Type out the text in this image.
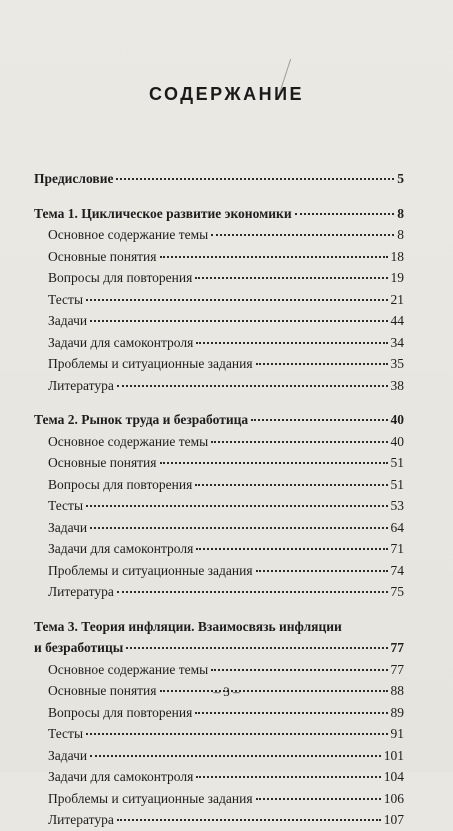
СОДЕРЖАНИЕ
Предисловие	5
Тема 1. Циклическое развитие экономики	8
Основное содержание темы	8
Основные понятия	18
Вопросы для повторения	19
Тесты	21
Задачи	44
Задачи для самоконтроля	34
Проблемы и ситуационные задания	35
Литература	38
Тема 2. Рынок труда и безработица	40
Основное содержание темы	40
Основные понятия	51
Вопросы для повторения	51
Тесты	53
Задачи	64
Задачи для самоконтроля	71
Проблемы и ситуационные задания	74
Литература	75
Тема 3. Теория инфляции. Взаимосвязь инфляции
и безработицы	77
Основное содержание темы	77
Основные понятия	88
Вопросы для повторения	89
Тесты	91
Задачи	101
Задачи для самоконтроля	104
Проблемы и ситуационные задания	106
Литература	107
– 3 –
